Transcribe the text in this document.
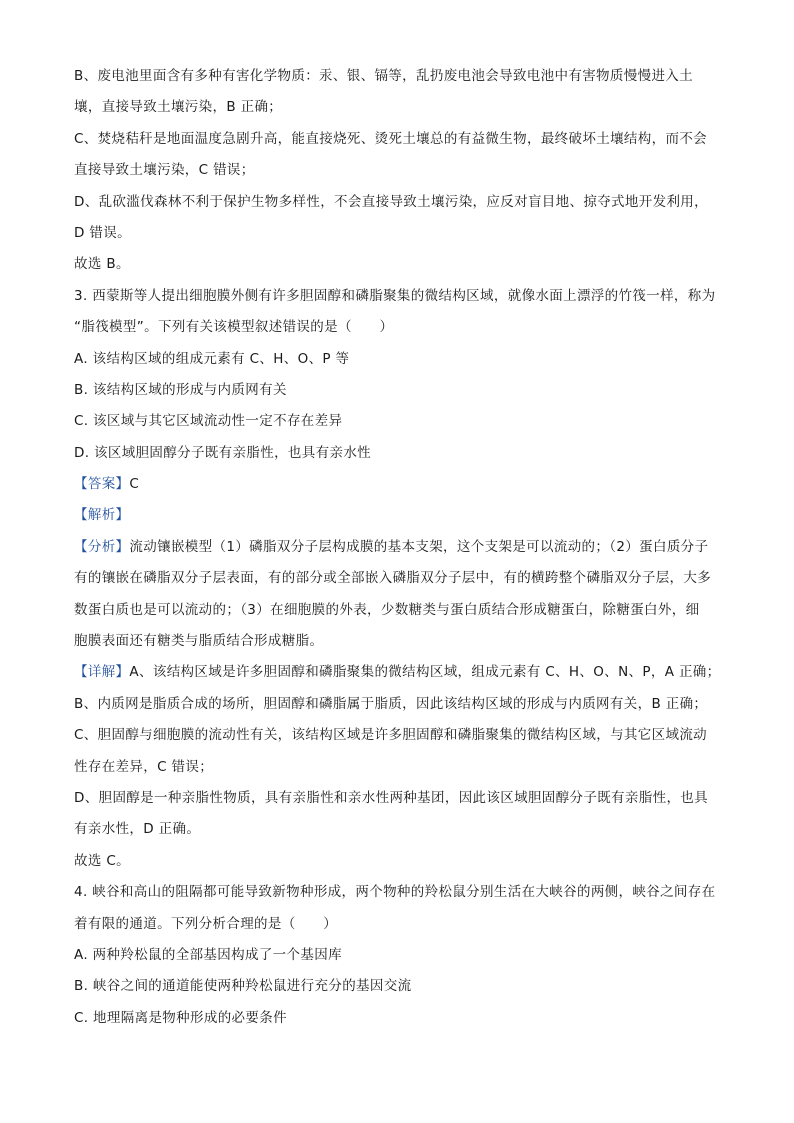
B、废电池里面含有多种有害化学物质：汞、银、镉等，乱扔废电池会导致电池中有害物质慢慢进入土
壤，直接导致土壤污染，B 正确；
C、焚烧秸秆是地面温度急剧升高，能直接烧死、烫死土壤总的有益微生物，最终破坏土壤结构，而不会
直接导致土壤污染，C 错误；
D、乱砍滥伐森林不利于保护生物多样性，不会直接导致土壤污染，应反对盲目地、掠夺式地开发利用，
D 错误。
故选 B。
3. 西蒙斯等人提出细胞膜外侧有许多胆固醇和磷脂聚集的微结构区域，就像水面上漂浮的竹筏一样，称为
“脂筏模型”。下列有关该模型叙述错误的是（　　）
A. 该结构区域的组成元素有 C、H、O、P 等
B. 该结构区域的形成与内质网有关
C. 该区域与其它区域流动性一定不存在差异
D. 该区域胆固醇分子既有亲脂性，也具有亲水性
【答案】C
【解析】
【分析】流动镶嵌模型（1）磷脂双分子层构成膜的基本支架，这个支架是可以流动的；（2）蛋白质分子
有的镶嵌在磷脂双分子层表面，有的部分或全部嵌入磷脂双分子层中，有的横跨整个磷脂双分子层，大多
数蛋白质也是可以流动的；（3）在细胞膜的外表，少数糖类与蛋白质结合形成糖蛋白，除糖蛋白外，细
胞膜表面还有糖类与脂质结合形成糖脂。
【详解】A、该结构区域是许多胆固醇和磷脂聚集的微结构区域，组成元素有 C、H、O、N、P，A 正确；
B、内质网是脂质合成的场所，胆固醇和磷脂属于脂质，因此该结构区域的形成与内质网有关，B 正确；
C、胆固醇与细胞膜的流动性有关，该结构区域是许多胆固醇和磷脂聚集的微结构区域，与其它区域流动
性存在差异，C 错误；
D、胆固醇是一种亲脂性物质，具有亲脂性和亲水性两种基团，因此该区域胆固醇分子既有亲脂性，也具
有亲水性，D 正确。
故选 C。
4. 峡谷和高山的阻隔都可能导致新物种形成，两个物种的羚松鼠分别生活在大峡谷的两侧，峡谷之间存在
着有限的通道。下列分析合理的是（　　）
A. 两种羚松鼠的全部基因构成了一个基因库
B. 峡谷之间的通道能使两种羚松鼠进行充分的基因交流
C. 地理隔离是物种形成的必要条件
